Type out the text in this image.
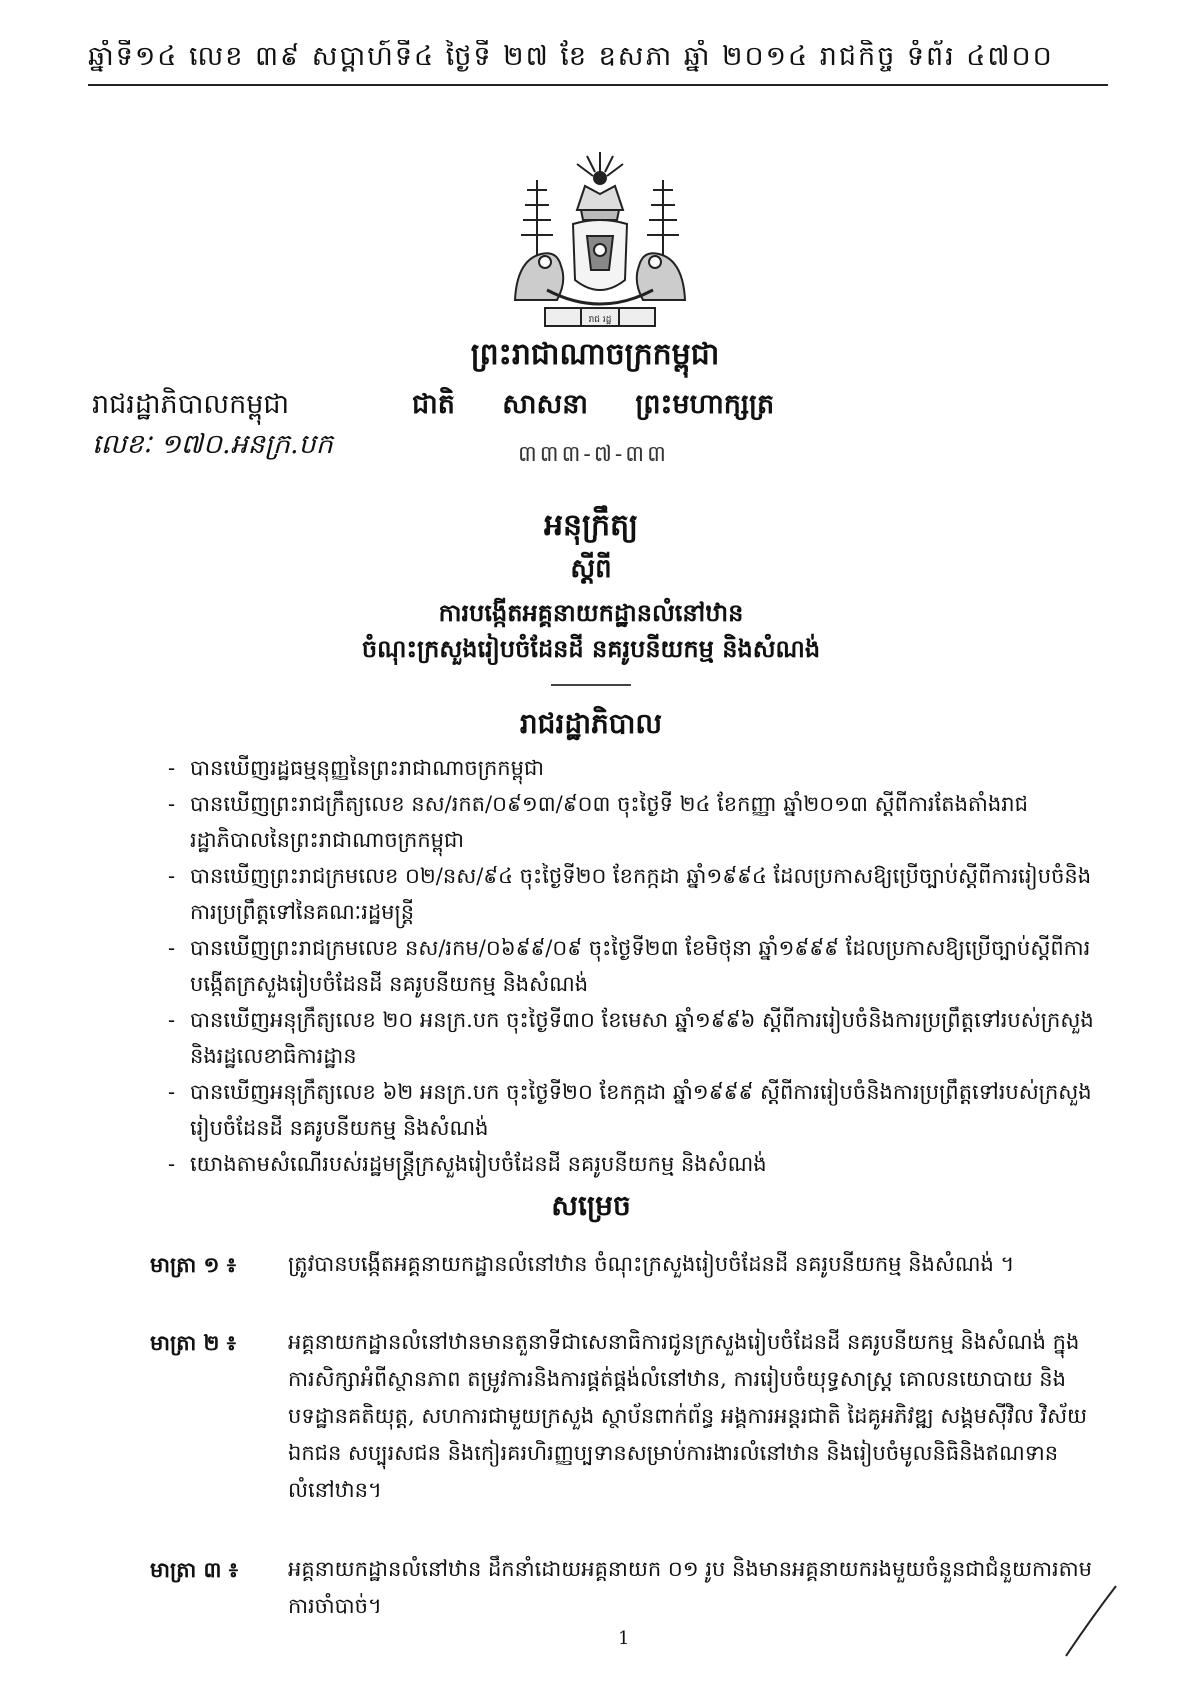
ឆ្នាំទី១៤ លេខ ៣៩ សប្តាហ៍ទី៤ ថ្ងៃទី ២៧ ខែ ឧសភា ឆ្នាំ ២០១៤ រាជកិច្ច ទំព័រ ៤៧០០
រាជ រដ្ឋ
ព្រះរាជាណាចក្រកម្ពុជា
រាជរដ្ឋាភិបាលកម្ពុជា	ជាតិ សាសនា ព្រះមហាក្សត្រ
លេខៈ ១៧០.អនក្រ.បក	៣៣៣-៧-៣៣
អនុក្រឹត្យ
ស្តីពី
ការបង្កើតអគ្គនាយកដ្ឋានលំនៅឋាន
ចំណុះក្រសួងរៀបចំដែនដី នគរូបនីយកម្ម និងសំណង់
រាជរដ្ឋាភិបាល
- បានឃើញរដ្ឋធម្មនុញ្ញនៃព្រះរាជាណាចក្រកម្ពុជា
- បានឃើញព្រះរាជក្រឹត្យលេខ នស/រកត/០៩១៣/៩០៣ ចុះថ្ងៃទី ២៤ ខែកញ្ញា ឆ្នាំ២០១៣ ស្តីពីការតែងតាំងរាជរដ្ឋាភិបាលនៃព្រះរាជាណាចក្រកម្ពុជា
- បានឃើញព្រះរាជក្រមលេខ ០២/នស/៩៤ ចុះថ្ងៃទី២០ ខែកក្កដា ឆ្នាំ១៩៩៤ ដែលប្រកាសឱ្យប្រើច្បាប់ស្តីពីការរៀបចំនិងការប្រព្រឹត្តទៅនៃគណៈរដ្ឋមន្ត្រី
- បានឃើញព្រះរាជក្រមលេខ នស/រកម/០៦៩៩/០៩ ចុះថ្ងៃទី២៣ ខែមិថុនា ឆ្នាំ១៩៩៩ ដែលប្រកាសឱ្យប្រើច្បាប់ស្តីពីការបង្កើតក្រសួងរៀបចំដែនដី នគរូបនីយកម្ម និងសំណង់
- បានឃើញអនុក្រឹត្យលេខ ២០ អនក្រ.បក ចុះថ្ងៃទី៣០ ខែមេសា ឆ្នាំ១៩៩៦ ស្តីពីការរៀបចំនិងការប្រព្រឹត្តទៅរបស់ក្រសួង និងរដ្ឋលេខាធិការដ្ឋាន
- បានឃើញអនុក្រឹត្យលេខ ៦២ អនក្រ.បក ចុះថ្ងៃទី២០ ខែកក្កដា ឆ្នាំ១៩៩៩ ស្តីពីការរៀបចំនិងការប្រព្រឹត្តទៅរបស់ក្រសួងរៀបចំដែនដី នគរូបនីយកម្ម និងសំណង់
- យោងតាមសំណើរបស់រដ្ឋមន្ត្រីក្រសួងរៀបចំដែនដី នគរូបនីយកម្ម និងសំណង់
សម្រេច
មាត្រា ១ ៖	ត្រូវបានបង្កើតអគ្គនាយកដ្ឋានលំនៅឋាន ចំណុះក្រសួងរៀបចំដែនដី នគរូបនីយកម្ម និងសំណង់ ។
មាត្រា ២ ៖	អគ្គនាយកដ្ឋានលំនៅឋានមានតួនាទីជាសេនាធិការជូនក្រសួងរៀបចំដែនដី នគរូបនីយកម្ម និងសំណង់ ក្នុងការសិក្សាអំពីស្ថានភាព តម្រូវការនិងការផ្គត់ផ្គង់លំនៅឋាន, ការរៀបចំយុទ្ធសាស្ត្រ គោលនយោបាយ និងបទដ្ឋានគតិយុត្ត, សហការជាមួយក្រសួង ស្ថាប័នពាក់ព័ន្ធ អង្គការអន្តរជាតិ ដៃគូអភិវឌ្ឍ សង្គមស៊ីវិល វិស័យឯកជន សប្បុរសជន និងកៀរគរហិរញ្ញប្បទានសម្រាប់ការងារលំនៅឋាន និងរៀបចំមូលនិធិនិងឥណទានលំនៅឋាន។
មាត្រា ៣ ៖	អគ្គនាយកដ្ឋានលំនៅឋាន ដឹកនាំដោយអគ្គនាយក ០១ រូប និងមានអគ្គនាយករងមួយចំនួនជាជំនួយការតាមការចាំបាច់។
1
